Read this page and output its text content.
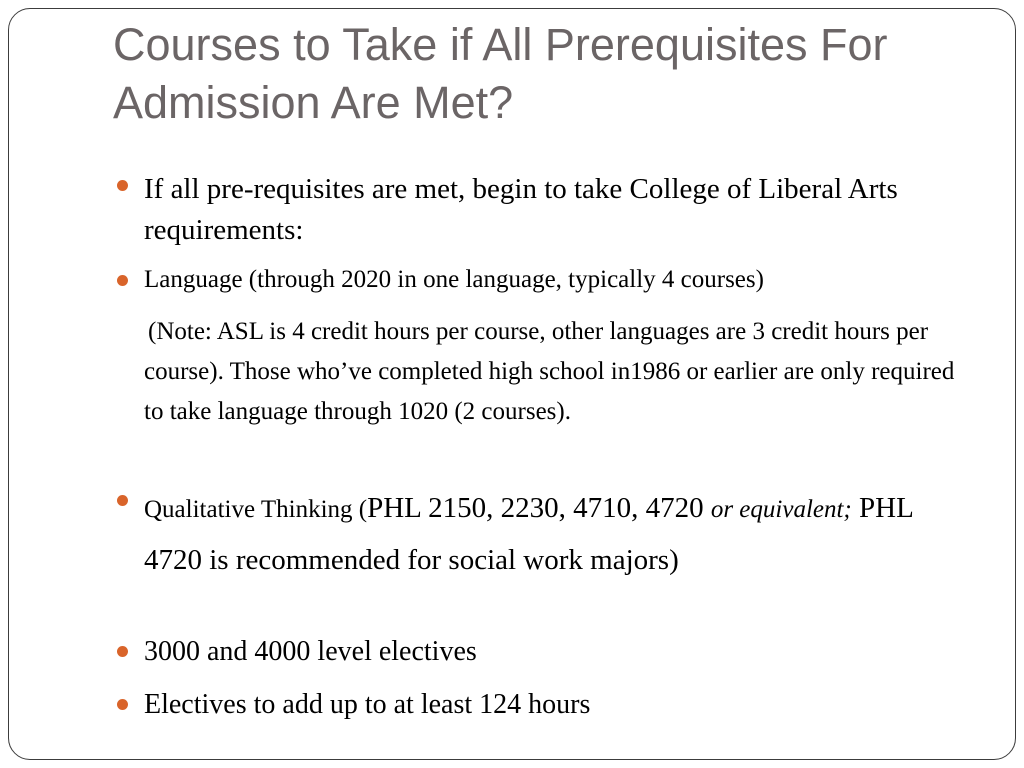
Courses to Take if All Prerequisites For Admission Are Met?

If all pre-requisites are met, begin to take College of Liberal Arts requirements:

Language (through 2020 in one language, typically 4 courses)

(Note: ASL is 4 credit hours per course, other languages are 3 credit hours per course). Those who’ve completed high school in1986 or earlier are only required to take language through 1020 (2 courses).

Qualitative Thinking (PHL 2150, 2230, 4710, 4720 or equivalent; PHL 4720 is recommended for social work majors)

3000 and 4000 level electives

Electives to add up to at least 124 hours
